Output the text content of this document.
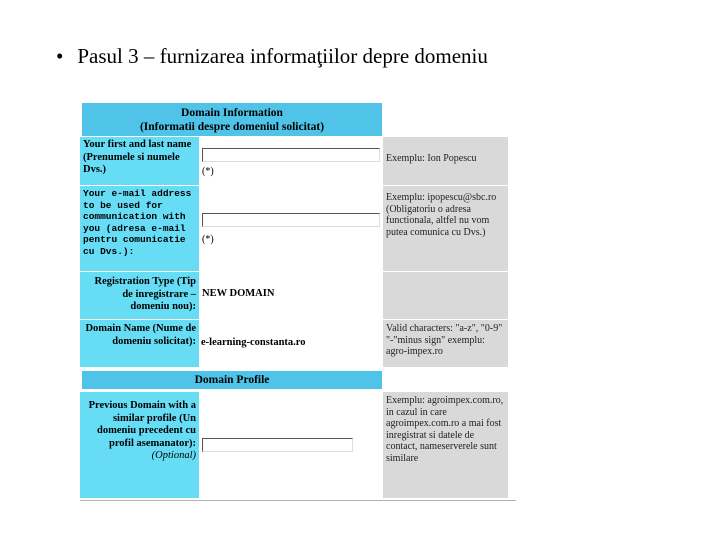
• Pasul 3 – furnizarea informaţiilor depre domeniu
Domain Information
(Informatii despre domeniul solicitat)
Your first and last name (Prenumele si numele Dvs.)	(*)
Exemplu: Ion Popescu
Your e-mail address to be used for communication with you (adresa e-mail pentru comunicatie cu Dvs.):
(*)
Exemplu: ipopescu@sbc.ro (Obligatoriu o adresa functionala, altfel nu vom putea comunica cu Dvs.)
Registration Type (Tip de inregistrare – domeniu nou):
NEW DOMAIN
Domain Name (Nume de domeniu solicitat): e-learning-constanta.ro
Valid characters: "a-z", "0-9" "-"minus sign" exemplu: agro-impex.ro
Domain Profile
Previous Domain with a similar profile (Un domeniu precedent cu profil asemanator):
(Optional)
Exemplu: agroimpex.com.ro, in cazul in care agroimpex.com.ro a mai fost inregistrat si datele de contact, nameserverele sunt similare
